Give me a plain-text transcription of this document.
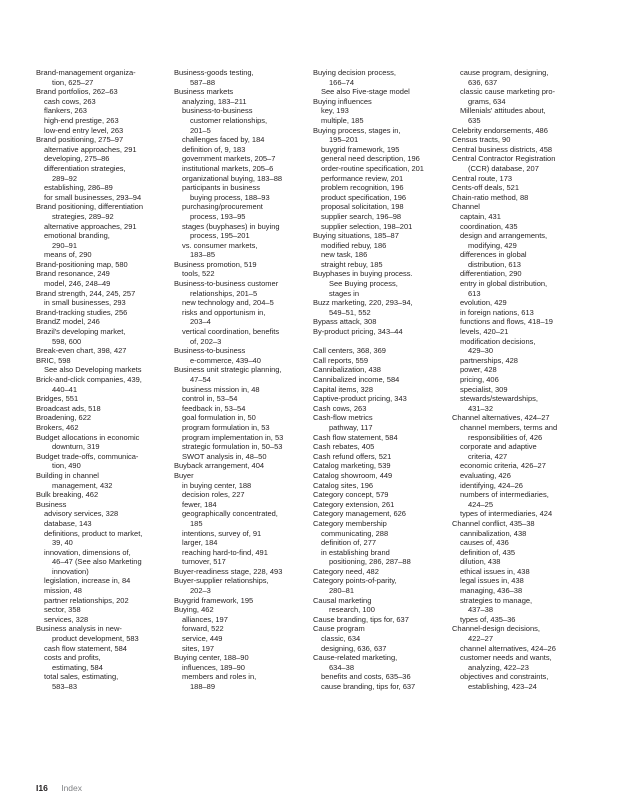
Brand-management organiza-
tion, 625–27
Brand portfolios, 262–63
cash cows, 263
flankers, 263
high-end prestige, 263
low-end entry level, 263
Brand positioning, 275–97
alternative approaches, 291
developing, 275–86
differentiation strategies,
289–92
establishing, 286–89
for small businesses, 293–94
Brand positioning, differentiation
strategies, 289–92
alternative approaches, 291
emotional branding,
290–91
means of, 290
Brand-positioning map, 580
Brand resonance, 249
model, 246, 248–49
Brand strength, 244, 245, 257
in small businesses, 293
Brand-tracking studies, 256
BrandZ model, 246
Brazil's developing market,
598, 600
Break-even chart, 398, 427
BRIC, 598
See also Developing markets
Brick-and-click companies, 439,
440–41
Bridges, 551
Broadcast ads, 518
Broadening, 622
Brokers, 462
Budget allocations in economic
downturn, 319
Budget trade-offs, communica-
tion, 490
Building in channel
management, 432
Bulk breaking, 462
Business
advisory services, 328
database, 143
definitions, product to market,
39, 40
innovation, dimensions of,
46–47 (See also Marketing
innovation)
legislation, increase in, 84
mission, 48
partner relationships, 202
sector, 358
services, 328
Business analysis in new-
product development, 583
cash flow statement, 584
costs and profits,
estimating, 584
total sales, estimating,
583–83
Business-goods testing,
587–88
Business markets
analyzing, 183–211
business-to-business
customer relationships,
201–5
challenges faced by, 184
definition of, 9, 183
government markets, 205–7
institutional markets, 205–6
organizational buying, 183–88
participants in business
buying process, 188–93
purchasing/procurement
process, 193–95
stages (buyphases) in buying
process, 195–201
vs. consumer markets,
183–85
Business promotion, 519
tools, 522
Business-to-business customer
relationships, 201–5
new technology and, 204–5
risks and opportunism in,
203–4
vertical coordination, benefits
of, 202–3
Business-to-business
e-commerce, 439–40
Business unit strategic planning,
47–54
business mission in, 48
control in, 53–54
feedback in, 53–54
goal formulation in, 50
program formulation in, 53
program implementation in, 53
strategic formulation in, 50–53
SWOT analysis in, 48–50
Buyback arrangement, 404
Buyer
in buying center, 188
decision roles, 227
fewer, 184
geographically concentrated,
185
intentions, survey of, 91
larger, 184
reaching hard-to-find, 491
turnover, 517
Buyer-readiness stage, 228, 493
Buyer-supplier relationships,
202–3
Buygrid framework, 195
Buying, 462
alliances, 197
forward, 522
service, 449
sites, 197
Buying center, 188–90
influences, 189–90
members and roles in,
188–89
Buying decision process,
166–74
See also Five-stage model
Buying influences
key, 193
multiple, 185
Buying process, stages in,
195–201
buygrid framework, 195
general need description, 196
order-routine specification, 201
performance review, 201
problem recognition, 196
product specification, 196
proposal solicitation, 198
supplier search, 196–98
supplier selection, 198–201
Buying situations, 185–87
modified rebuy, 186
new task, 186
straight rebuy, 185
Buyphases in buying process.
See Buying process,
stages in
Buzz marketing, 220, 293–94,
549–51, 552
Bypass attack, 308
By-product pricing, 343–44

Call centers, 368, 369
Call reports, 559
Cannibalization, 438
Cannibalized income, 584
Capital items, 328
Captive-product pricing, 343
Cash cows, 263
Cash-flow metrics
pathway, 117
Cash flow statement, 584
Cash rebates, 405
Cash refund offers, 521
Catalog marketing, 539
Catalog showroom, 449
Catalog sites, 196
Category concept, 579
Category extension, 261
Category management, 626
Category membership
communicating, 288
definition of, 277
in establishing brand
positioning, 286, 287–88
Category need, 482
Category points-of-parity,
280–81
Causal marketing
research, 100
Cause branding, tips for, 637
Cause program
classic, 634
designing, 636, 637
Cause-related marketing,
634–38
benefits and costs, 635–36
cause branding, tips for, 637
cause program, designing,
636, 637
classic cause marketing pro-
grams, 634
Millenials' attitudes about,
635
Celebrity endorsements, 486
Census tracts, 90
Central business districts, 458
Central Contractor Registration
(CCR) database, 207
Central route, 173
Cents-off deals, 521
Chain-ratio method, 88
Channel
captain, 431
coordination, 435
design and arrangements,
modifying, 429
differences in global
distribution, 613
differentiation, 290
entry in global distribution,
613
evolution, 429
in foreign nations, 613
functions and flows, 418–19
levels, 420–21
modification decisions,
429–30
partnerships, 428
power, 428
pricing, 406
specialist, 309
stewards/stewardships,
431–32
Channel alternatives, 424–27
channel members, terms and
responsibilities of, 426
corporate and adaptive
criteria, 427
economic criteria, 426–27
evaluating, 426
identifying, 424–26
numbers of intermediaries,
424–25
types of intermediaries, 424
Channel conflict, 435–38
cannibalization, 438
causes of, 436
definition of, 435
dilution, 438
ethical issues in, 438
legal issues in, 438
managing, 436–38
strategies to manage,
437–38
types of, 435–36
Channel-design decisions,
422–27
channel alternatives, 424–26
customer needs and wants,
analyzing, 422–23
objectives and constraints,
establishing, 423–24
I16 Index
